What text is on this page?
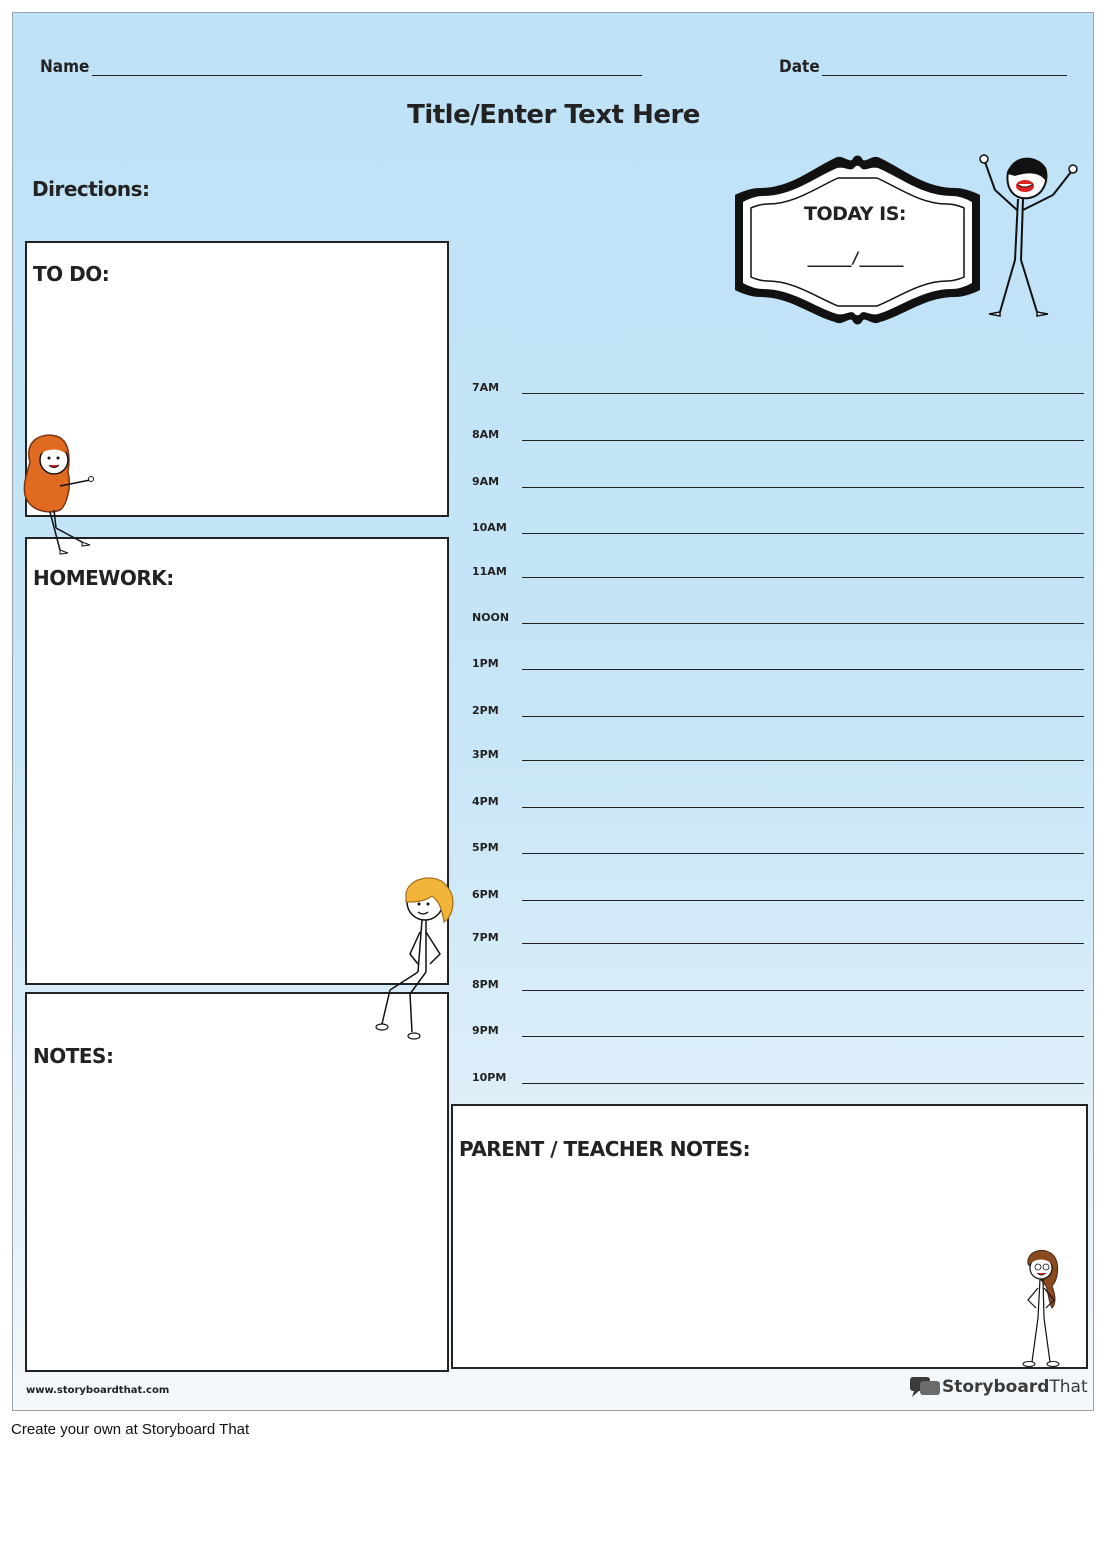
Name	Date
Title/Enter Text Here
Directions:
TODAY IS:
_____/_____
TO DO:
HOMEWORK:
NOTES:
PARENT / TEACHER NOTES:
7AM
8AM
9AM
10AM
11AM
NOON
1PM
2PM
3PM
4PM
5PM
6PM
7PM
8PM
9PM
10PM
www.storyboardthat.com	StoryboardThat
Create your own at Storyboard That
